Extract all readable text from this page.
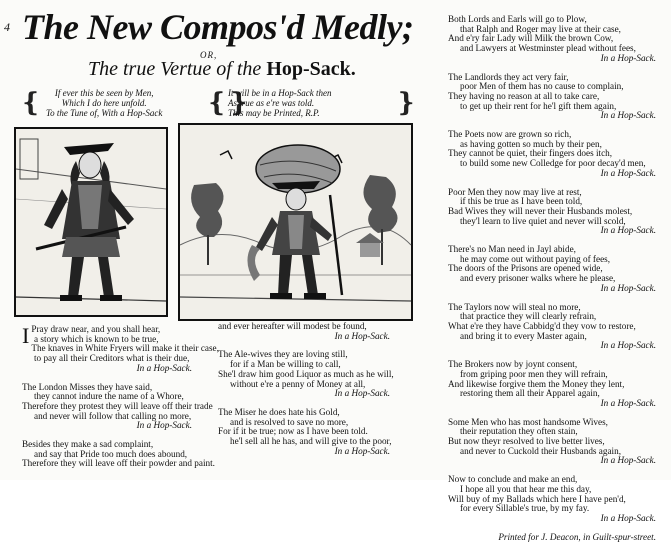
4 The New Compos'd Medly;
OR,
The true Vertue of the Hop-Sack.
❴	If ever this be seen by Men,
Which I do here unfold.
To the Tune of, With a Hop-Sack ❴❵
It will be in a Hop-Sack then
As true as e're was told.
This may be Printed, R.P.	❵

I Pray draw near, and you shall hear,
a story which is known to be true,
The knaves in White Fryers will make it their case,
to pay all their Creditors what is their due,
In a Hop-Sack.

The London Misses they have said,
they cannot indure the name of a Whore,
Therefore they protest they will leave off their trade
and never will follow that calling no more,
In a Hop-Sack.

Besides they make a sad complaint,
and say that Pride too much does abound,
Therefore they will leave off their powder and paint.

and ever hereafter will modest be found,
In a Hop-Sack.

The Ale-wives they are loving still,
for if a Man be willing to call,
She'l draw him good Liquor as much as he will,
without e're a penny of Money at all,
In a Hop-Sack.

The Miser he does hate his Gold,
and is resolved to save no more,
For if it be true; now as I have been told.
he'l sell all he has, and will give to the poor,
In a Hop-Sack.

Both Lords and Earls will go to Plow,
that Ralph and Roger may live at their case,
And e'ry fair Lady will Milk the brown Cow,
and Lawyers at Westminster plead without fees,
In a Hop-Sack.

The Landlords they act very fair,
poor Men of them has no cause to complain,
They having no reason at all to take care,
to get up their rent for he'l gift them again,
In a Hop-Sack.

The Poets now are grown so rich,
as having gotten so much by their pen,
They cannot be quiet, their fingers does itch,
to build some new Colledge for poor decay'd men,
In a Hop-Sack.

Poor Men they now may live at rest,
if this be true as I have been told,
Bad Wives they will never their Husbands molest,
they'l learn to live quiet and never will scold,
In a Hop-Sack.

There's no Man need in Jayl abide,
he may come out without paying of fees,
The doors of the Prisons are opened wide,
and every prisoner walks where he please,
In a Hop-Sack.

The Taylors now will steal no more,
that practice they will clearly refrain,
What e're they have Cabbidg'd they vow to restore,
and bring it to every Master again,
In a Hop-Sack.

The Brokers now by joynt consent,
from griping poor men they will refrain,
And likewise forgive them the Money they lent,
restoring them all their Apparel again,
In a Hop-Sack.

Some Men who has most handsome Wives,
their reputation they often stain,
But now theyr resolved to live better lives,
and never to Cuckold their Husbands again,
In a Hop-Sack.

Now to conclude and make an end,
I hope all you that hear me this day,
Will buy of my Ballads which here I have pen'd,
for every Sillable's true, by my fay.
In a Hop-Sack.

Printed for J. Deacon, in Guilt-spur-street.
